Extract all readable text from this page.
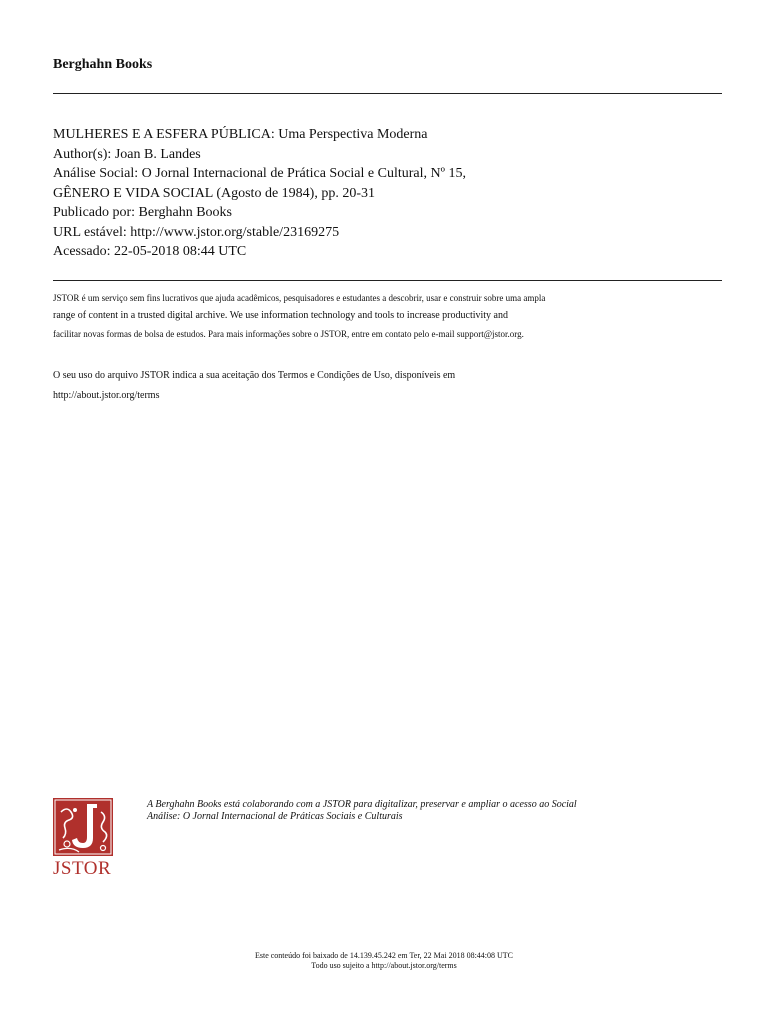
Berghahn Books
MULHERES E A ESFERA PÚBLICA: Uma Perspectiva Moderna
Author(s): Joan B. Landes
Análise Social: O Jornal Internacional de Prática Social e Cultural, Nº 15,
GÊNERO E VIDA SOCIAL (Agosto de 1984), pp. 20-31
Publicado por: Berghahn Books
URL estável: http://www.jstor.org/stable/23169275
Acessado: 22-05-2018 08:44 UTC
JSTOR é um serviço sem fins lucrativos que ajuda acadêmicos, pesquisadores e estudantes a descobrir, usar e construir sobre uma ampla
range of content in a trusted digital archive. We use information technology and tools to increase productivity and
facilitar novas formas de bolsa de estudos. Para mais informações sobre o JSTOR, entre em contato pelo e-mail support@jstor.org.
O seu uso do arquivo JSTOR indica a sua aceitação dos Termos e Condições de Uso, disponíveis em
http://about.jstor.org/terms
JSTOR
A Berghahn Books está colaborando com a JSTOR para digitalizar, preservar e ampliar o acesso ao Social
Análise: O Jornal Internacional de Práticas Sociais e Culturais
Este conteúdo foi baixado de 14.139.45.242 em Ter, 22 Mai 2018 08:44:08 UTC
Todo uso sujeito a http://about.jstor.org/terms
